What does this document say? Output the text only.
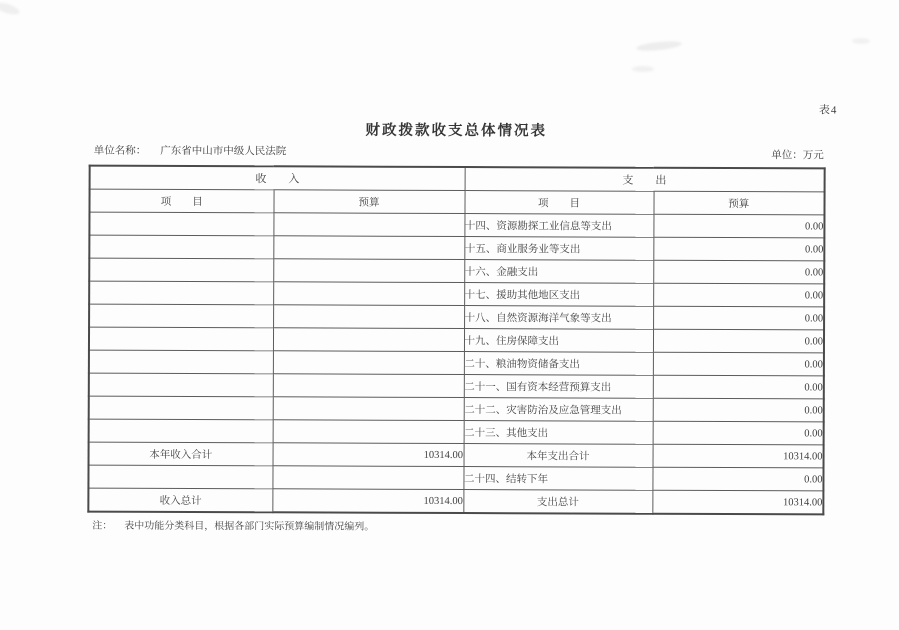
表4
财政拨款收支总体情况表
单位名称： 广东省中山市中级人民法院	单位：万元
收　　入		支　　出	
项　　目	预算	项　　目	预算
		十四、资源勘探工业信息等支出	0.00
		十五、商业服务业等支出	0.00
		十六、金融支出	0.00
		十七、援助其他地区支出	0.00
		十八、自然资源海洋气象等支出	0.00
		十九、住房保障支出	0.00
		二十、粮油物资储备支出	0.00
		二十一、国有资本经营预算支出	0.00
		二十二、灾害防治及应急管理支出	0.00
		二十三、其他支出	0.00
本年收入合计	10314.00	本年支出合计	10314.00
		二十四、结转下年	0.00
收入总计	10314.00	支出总计	10314.00
注： 表中功能分类科目，根据各部门实际预算编制情况编列。
